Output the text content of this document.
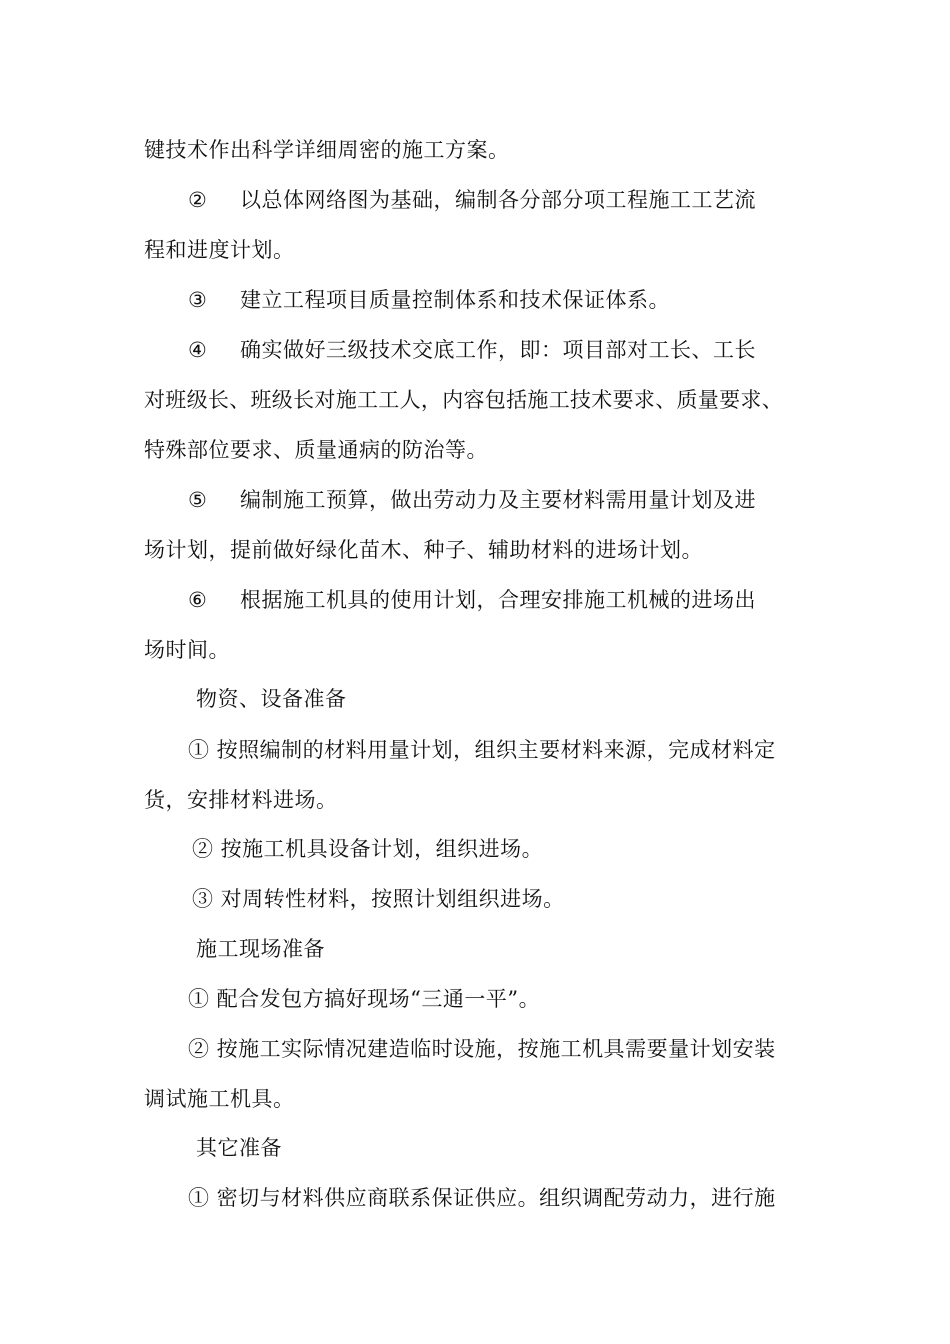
键技术作出科学详细周密的施工方案。
② 以总体网络图为基础，编制各分部分项工程施工工艺流
程和进度计划。
③ 建立工程项目质量控制体系和技术保证体系。
④ 确实做好三级技术交底工作，即：项目部对工长、工长
对班级长、班级长对施工工人，内容包括施工技术要求、质量要求、
特殊部位要求、质量通病的防治等。
⑤ 编制施工预算，做出劳动力及主要材料需用量计划及进
场计划，提前做好绿化苗木、种子、辅助材料的进场计划。
⑥ 根据施工机具的使用计划，合理安排施工机械的进场出
场时间。
物资、设备准备
① 按照编制的材料用量计划，组织主要材料来源，完成材料定
货，安排材料进场。
② 按施工机具设备计划，组织进场。
③ 对周转性材料，按照计划组织进场。
施工现场准备
① 配合发包方搞好现场“三通一平”。
② 按施工实际情况建造临时设施，按施工机具需要量计划安装
调试施工机具。
其它准备
① 密切与材料供应商联系保证供应。组织调配劳动力，进行施
